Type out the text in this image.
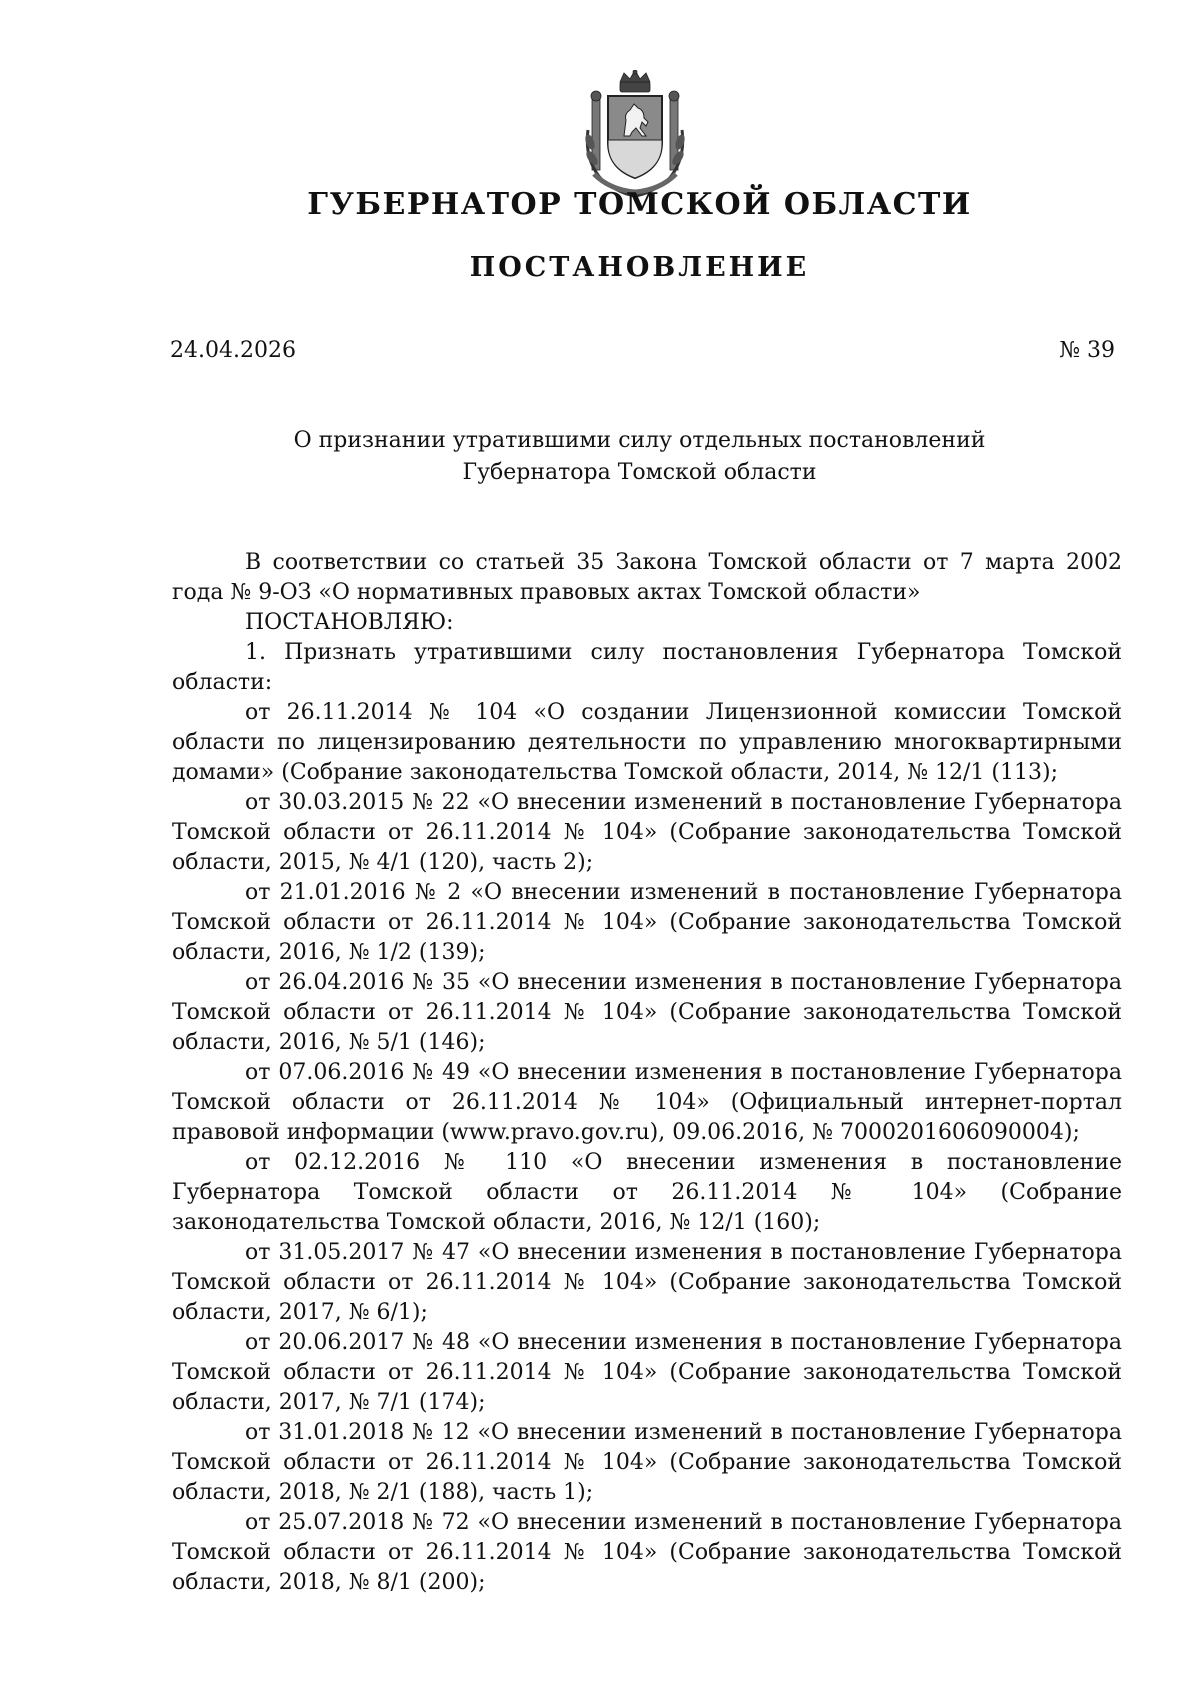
ГУБЕРНАТОР ТОМСКОЙ ОБЛАСТИ
ПОСТАНОВЛЕНИЕ
24.04.2026	№ 39
О признании утратившими силу отдельных постановлений
Губернатора Томской области

В соответствии со статьей 35 Закона Томской области от 7 марта 2002 года № 9-ОЗ «О нормативных правовых актах Томской области»

ПОСТАНОВЛЯЮ:

1. Признать утратившими силу постановления Губернатора Томской области:

от 26.11.2014 № 104 «О создании Лицензионной комиссии Томской области по лицензированию деятельности по управлению многоквартирными домами» (Собрание законодательства Томской области, 2014, № 12/1 (113);

от 30.03.2015 № 22 «О внесении изменений в постановление Губернатора Томской области от 26.11.2014 № 104» (Собрание законодательства Томской области, 2015, № 4/1 (120), часть 2);

от 21.01.2016 № 2 «О внесении изменений в постановление Губернатора Томской области от 26.11.2014 № 104» (Собрание законодательства Томской области, 2016, № 1/2 (139);

от 26.04.2016 № 35 «О внесении изменения в постановление Губернатора Томской области от 26.11.2014 № 104» (Собрание законодательства Томской области, 2016, № 5/1 (146);

от 07.06.2016 № 49 «О внесении изменения в постановление Губернатора Томской области от 26.11.2014 № 104» (Официальный интернет-портал правовой информации (www.pravo.gov.ru), 09.06.2016, № 7000201606090004);

от 02.12.2016 № 110 «О внесении изменения в постановление Губернатора Томской области от 26.11.2014 № 104» (Собрание законодательства Томской области, 2016, № 12/1 (160);

от 31.05.2017 № 47 «О внесении изменения в постановление Губернатора Томской области от 26.11.2014 № 104» (Собрание законодательства Томской области, 2017, № 6/1);

от 20.06.2017 № 48 «О внесении изменения в постановление Губернатора Томской области от 26.11.2014 № 104» (Собрание законодательства Томской области, 2017, № 7/1 (174);

от 31.01.2018 № 12 «О внесении изменений в постановление Губернатора Томской области от 26.11.2014 № 104» (Собрание законодательства Томской области, 2018, № 2/1 (188), часть 1);

от 25.07.2018 № 72 «О внесении изменений в постановление Губернатора Томской области от 26.11.2014 № 104» (Собрание законодательства Томской области, 2018, № 8/1 (200);
